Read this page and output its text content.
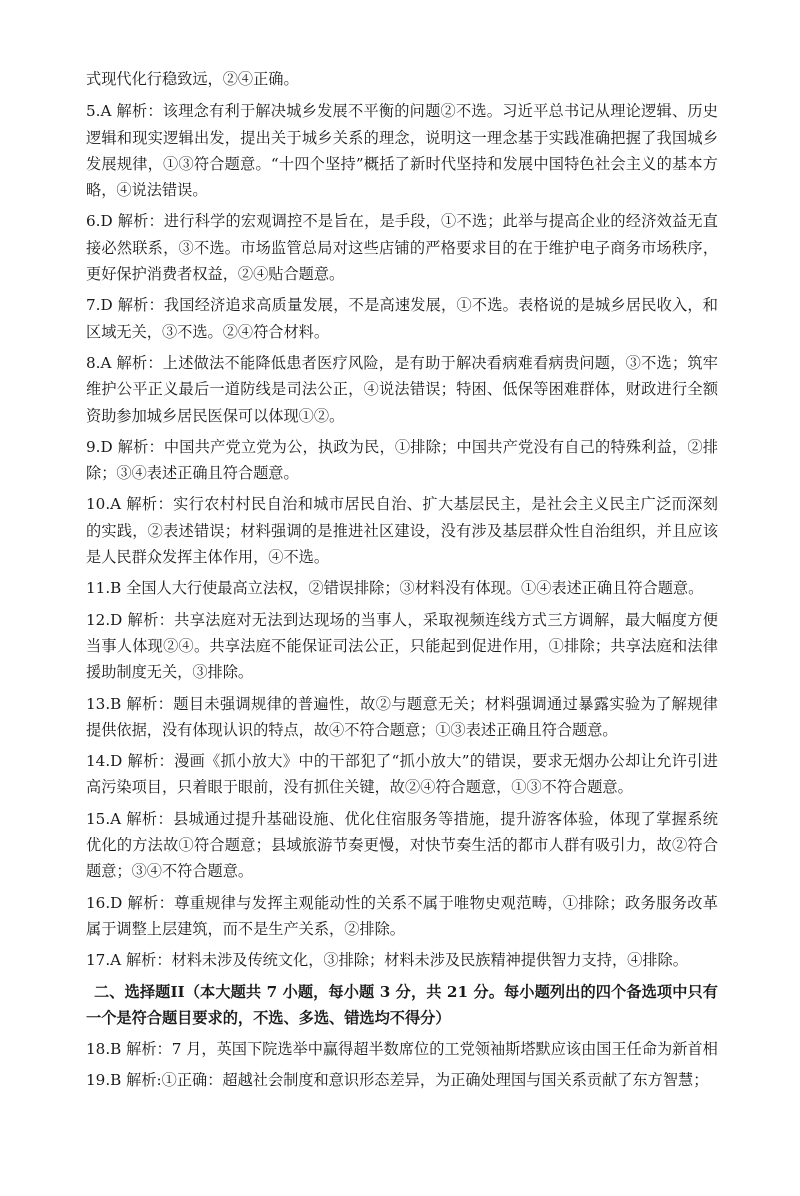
式现代化行稳致远，②④正确。

5.A 解析：该理念有利于解决城乡发展不平衡的问题②不选。习近平总书记从理论逻辑、历史逻辑和现实逻辑出发，提出关于城乡关系的理念，说明这一理念基于实践准确把握了我国城乡发展规律，①③符合题意。“十四个坚持”概括了新时代坚持和发展中国特色社会主义的基本方略，④说法错误。

6.D 解析：进行科学的宏观调控不是旨在，是手段，①不选；此举与提高企业的经济效益无直接必然联系，③不选。市场监管总局对这些店铺的严格要求目的在于维护电子商务市场秩序，更好保护消费者权益，②④贴合题意。

7.D 解析：我国经济追求高质量发展，不是高速发展，①不选。表格说的是城乡居民收入，和区域无关，③不选。②④符合材料。

8.A 解析：上述做法不能降低患者医疗风险，是有助于解决看病难看病贵问题，③不选；筑牢维护公平正义最后一道防线是司法公正，④说法错误；特困、低保等困难群体，财政进行全额资助参加城乡居民医保可以体现①②。

9.D 解析：中国共产党立党为公，执政为民，①排除；中国共产党没有自己的特殊利益，②排除；③④表述正确且符合题意。

10.A 解析：实行农村村民自治和城市居民自治、扩大基层民主，是社会主义民主广泛而深刻的实践，②表述错误；材料强调的是推进社区建设，没有涉及基层群众性自治组织，并且应该是人民群众发挥主体作用，④不选。

11.B 全国人大行使最高立法权，②错误排除；③材料没有体现。①④表述正确且符合题意。

12.D 解析：共享法庭对无法到达现场的当事人，采取视频连线方式三方调解，最大幅度方便当事人体现②④。共享法庭不能保证司法公正，只能起到促进作用，①排除；共享法庭和法律援助制度无关，③排除。

13.B 解析：题目未强调规律的普遍性，故②与题意无关；材料强调通过暴露实验为了解规律提供依据，没有体现认识的特点，故④不符合题意；①③表述正确且符合题意。

14.D 解析：漫画《抓小放大》中的干部犯了“抓小放大”的错误，要求无烟办公却让允许引进高污染项目，只着眼于眼前，没有抓住关键，故②④符合题意，①③不符合题意。

15.A 解析：县城通过提升基础设施、优化住宿服务等措施，提升游客体验，体现了掌握系统优化的方法故①符合题意；县域旅游节奏更慢，对快节奏生活的都市人群有吸引力，故②符合题意；③④不符合题意。

16.D 解析：尊重规律与发挥主观能动性的关系不属于唯物史观范畴，①排除；政务服务改革属于调整上层建筑，而不是生产关系，②排除。

17.A 解析：材料未涉及传统文化，③排除；材料未涉及民族精神提供智力支持，④排除。

二、选择题II（本大题共 7 小题，每小题 3 分，共 21 分。每小题列出的四个备选项中只有一个是符合题目要求的，不选、多选、错选均不得分）

18.B 解析：7 月，英国下院选举中赢得超半数席位的工党领袖斯塔默应该由国王任命为新首相

19.B 解析:①正确：超越社会制度和意识形态差异，为正确处理国与国关系贡献了东方智慧；
